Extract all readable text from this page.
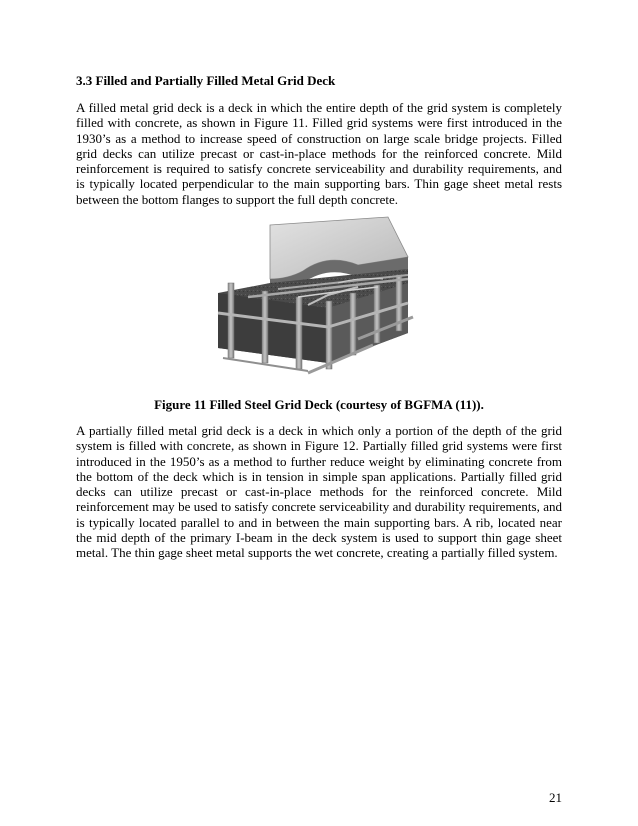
3.3 Filled and Partially Filled Metal Grid Deck
A filled metal grid deck is a deck in which the entire depth of the grid system is completely filled with concrete, as shown in Figure 11. Filled grid systems were first introduced in the 1930’s as a method to increase speed of construction on large scale bridge projects. Filled grid decks can utilize precast or cast-in-place methods for the reinforced concrete. Mild reinforcement is required to satisfy concrete serviceability and durability requirements, and is typically located perpendicular to the main supporting bars. Thin gage sheet metal rests between the bottom flanges to support the full depth concrete.
Figure 11 Filled Steel Grid Deck (courtesy of BGFMA (11)).
A partially filled metal grid deck is a deck in which only a portion of the depth of the grid system is filled with concrete, as shown in Figure 12. Partially filled grid systems were first introduced in the 1950’s as a method to further reduce weight by eliminating concrete from the bottom of the deck which is in tension in simple span applications. Partially filled grid decks can utilize precast or cast-in-place methods for the reinforced concrete. Mild reinforcement may be used to satisfy concrete serviceability and durability requirements, and is typically located parallel to and in between the main supporting bars. A rib, located near the mid depth of the primary I-beam in the deck system is used to support thin gage sheet metal. The thin gage sheet metal supports the wet concrete, creating a partially filled system.
21
